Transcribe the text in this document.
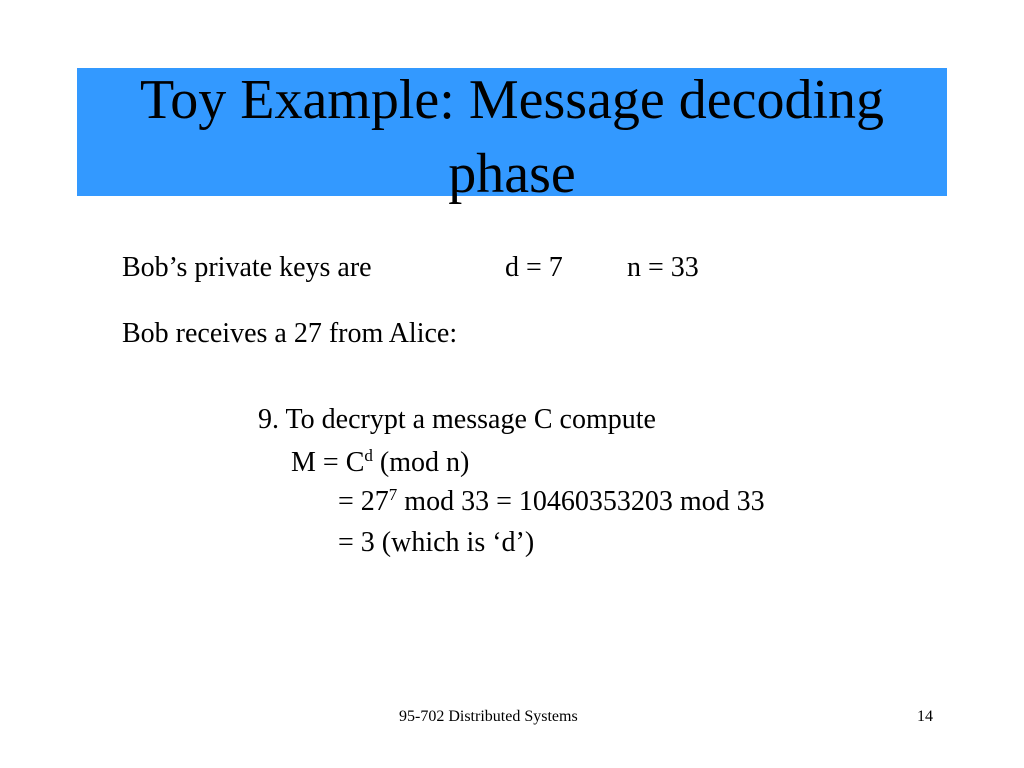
Toy Example: Message decoding
phase
Bob’s private keys are	d = 7 n = 33
Bob receives a 27 from Alice:
9. To decrypt a message C compute
$M = C^d$ (mod n)
= $27^7$ mod 33 = 10460353203 mod 33
= 3 (which is ‘d’)
95-702 Distributed Systems	14
